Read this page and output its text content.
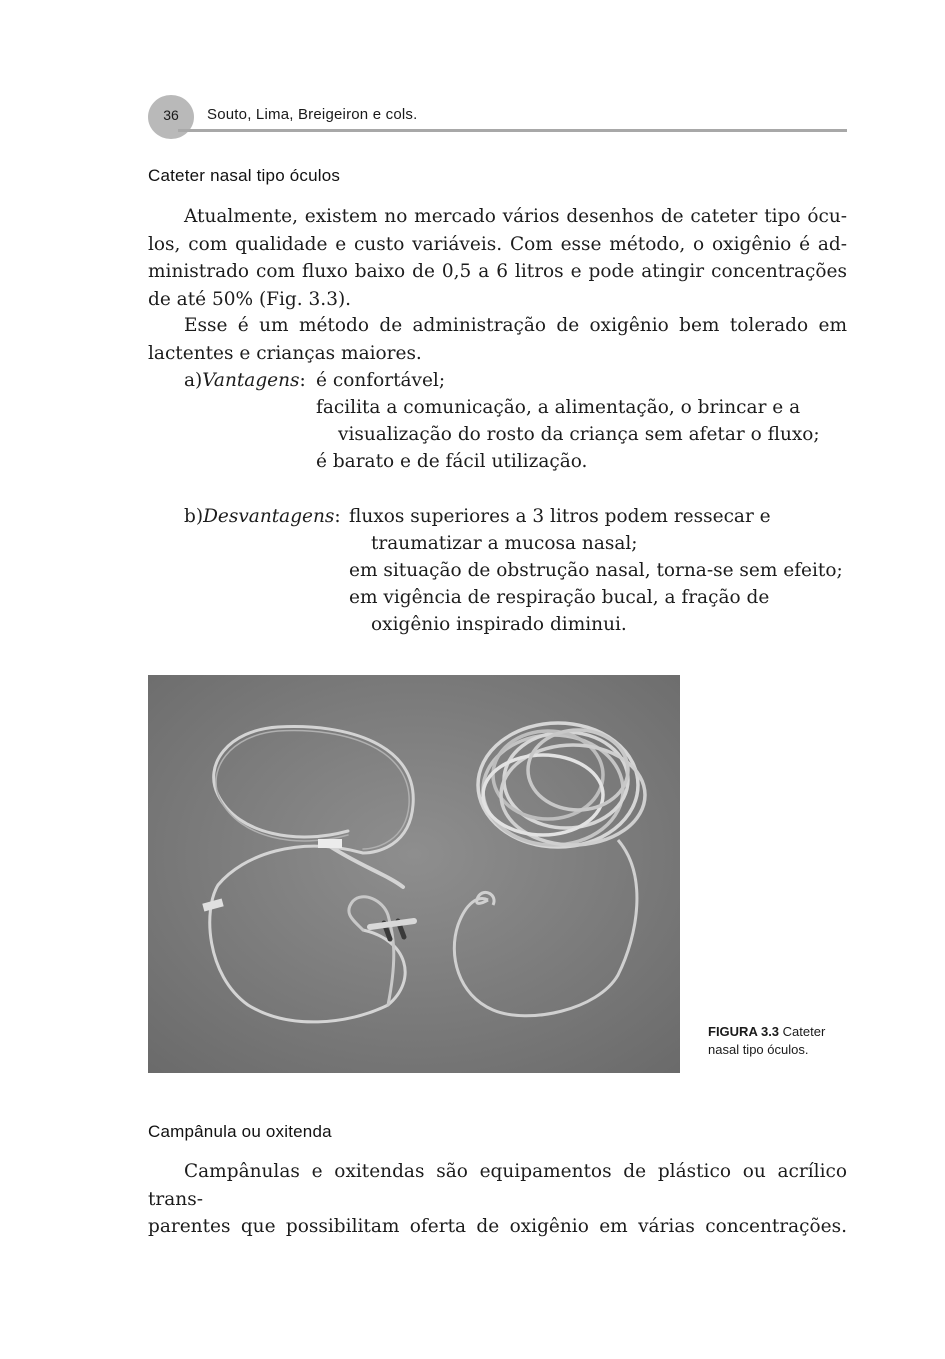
36	Souto, Lima, Breigeiron e cols.
Cateter nasal tipo óculos
Atualmente, existem no mercado vários desenhos de cateter tipo ócu-
los, com qualidade e custo variáveis. Com esse método, o oxigênio é ad-
ministrado com fluxo baixo de 0,5 a 6 litros e pode atingir concentrações
de até 50% (Fig. 3.3).
Esse é um método de administração de oxigênio bem tolerado em
lactentes e crianças maiores.
a)Vantagens: é confortável;
facilita a comunicação, a alimentação, o brincar e a
visualização do rosto da criança sem afetar o fluxo;
é barato e de fácil utilização.
b)Desvantagens: fluxos superiores a 3 litros podem ressecar e
traumatizar a mucosa nasal;
em situação de obstrução nasal, torna-se sem efeito;
em vigência de respiração bucal, a fração de
oxigênio inspirado diminui.
FIGURA 3.3 Cateter
nasal tipo óculos.
Campânula ou oxitenda
Campânulas e oxitendas são equipamentos de plástico ou acrílico trans-
parentes que possibilitam oferta de oxigênio em várias concentrações.
